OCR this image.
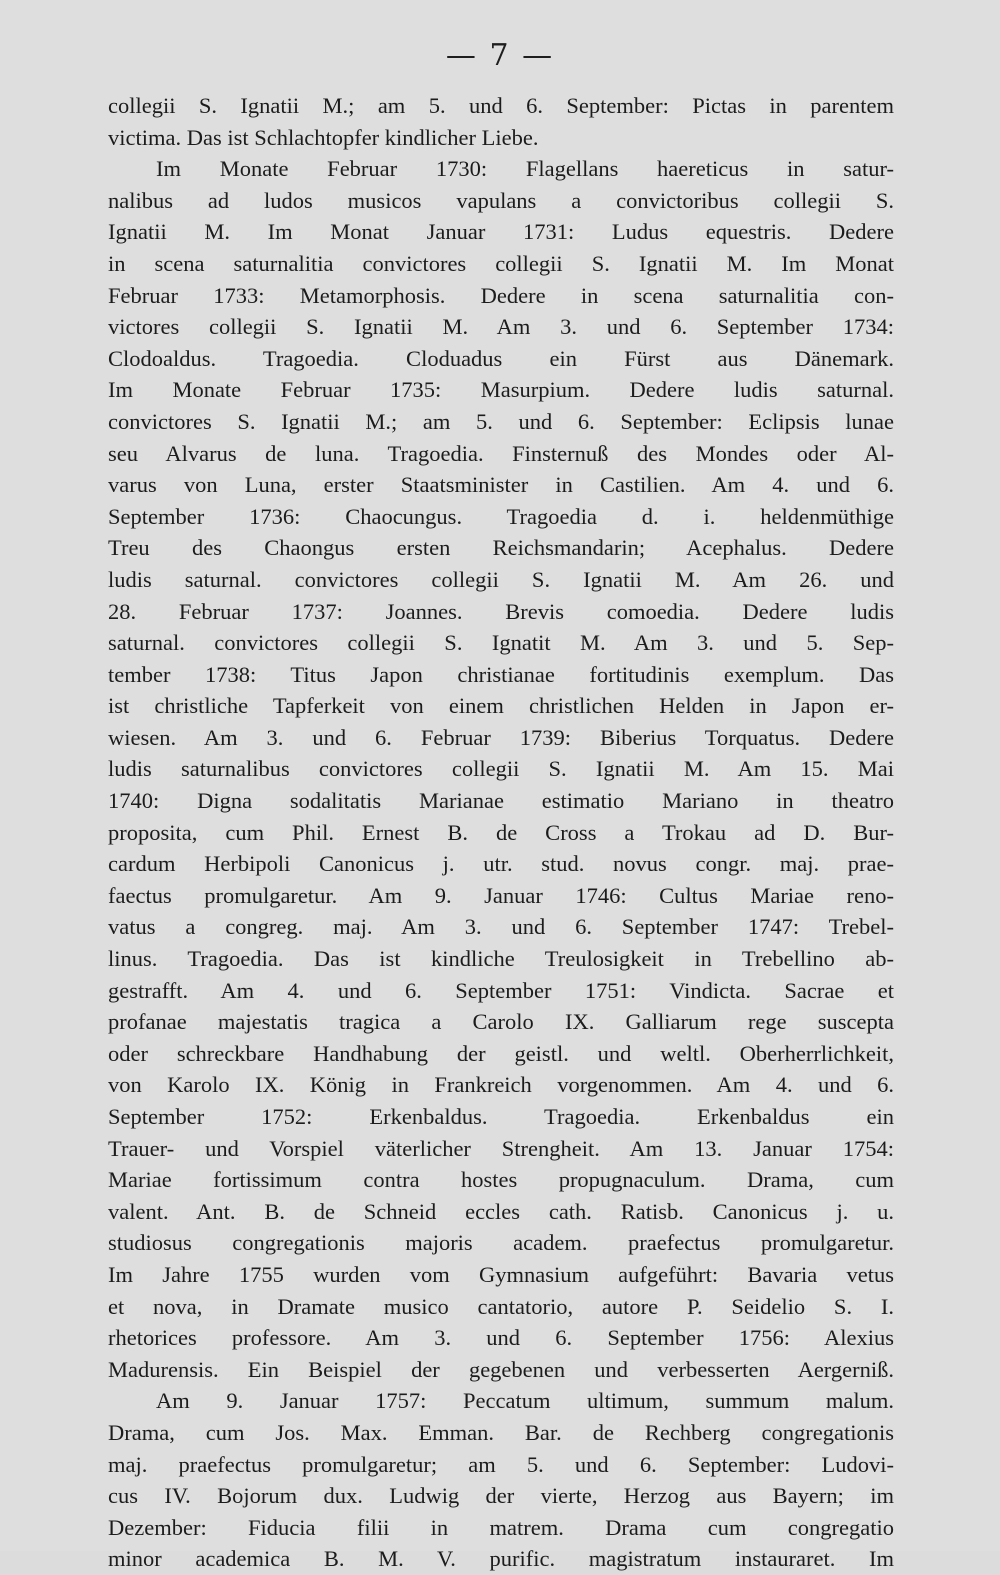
— 7 —
collegii S. Ignatii M.; am 5. und 6. September: Pictas in parentem
victima. Das ist Schlachtopfer kindlicher Liebe.
Im Monate Februar 1730: Flagellans haereticus in satur-
nalibus ad ludos musicos vapulans a convictoribus collegii S.
Ignatii M. Im Monat Januar 1731: Ludus equestris. Dedere
in scena saturnalitia convictores collegii S. Ignatii M. Im Monat
Februar 1733: Metamorphosis. Dedere in scena saturnalitia con-
victores collegii S. Ignatii M. Am 3. und 6. September 1734:
Clodoaldus. Tragoedia. Cloduadus ein Fürst aus Dänemark.
Im Monate Februar 1735: Masurpium. Dedere ludis saturnal.
convictores S. Ignatii M.; am 5. und 6. September: Eclipsis lunae
seu Alvarus de luna. Tragoedia. Finsternuß des Mondes oder Al-
varus von Luna, erster Staatsminister in Castilien. Am 4. und 6.
September 1736: Chaocungus. Tragoedia d. i. heldenmüthige
Treu des Chaongus ersten Reichsmandarin; Acephalus. Dedere
ludis saturnal. convictores collegii S. Ignatii M. Am 26. und
28. Februar 1737: Joannes. Brevis comoedia. Dedere ludis
saturnal. convictores collegii S. Ignatit M. Am 3. und 5. Sep-
tember 1738: Titus Japon christianae fortitudinis exemplum. Das
ist christliche Tapferkeit von einem christlichen Helden in Japon er-
wiesen. Am 3. und 6. Februar 1739: Biberius Torquatus. Dedere
ludis saturnalibus convictores collegii S. Ignatii M. Am 15. Mai
1740: Digna sodalitatis Marianae estimatio Mariano in theatro
proposita, cum Phil. Ernest B. de Cross a Trokau ad D. Bur-
cardum Herbipoli Canonicus j. utr. stud. novus congr. maj. prae-
faectus promulgaretur. Am 9. Januar 1746: Cultus Mariae reno-
vatus a congreg. maj. Am 3. und 6. September 1747: Trebel-
linus. Tragoedia. Das ist kindliche Treulosigkeit in Trebellino ab-
gestrafft. Am 4. und 6. September 1751: Vindicta. Sacrae et
profanae majestatis tragica a Carolo IX. Galliarum rege suscepta
oder schreckbare Handhabung der geistl. und weltl. Oberherrlichkeit,
von Karolo IX. König in Frankreich vorgenommen. Am 4. und 6.
September 1752: Erkenbaldus. Tragoedia. Erkenbaldus ein
Trauer- und Vorspiel väterlicher Strengheit. Am 13. Januar 1754:
Mariae fortissimum contra hostes propugnaculum. Drama, cum
valent. Ant. B. de Schneid eccles cath. Ratisb. Canonicus j. u.
studiosus congregationis majoris academ. praefectus promulgaretur.
Im Jahre 1755 wurden vom Gymnasium aufgeführt: Bavaria vetus
et nova, in Dramate musico cantatorio, autore P. Seidelio S. I.
rhetorices professore. Am 3. und 6. September 1756: Alexius
Madurensis. Ein Beispiel der gegebenen und verbesserten Aergerniß.
Am 9. Januar 1757: Peccatum ultimum, summum malum.
Drama, cum Jos. Max. Emman. Bar. de Rechberg congregationis
maj. praefectus promulgaretur; am 5. und 6. September: Ludovi-
cus IV. Bojorum dux. Ludwig der vierte, Herzog aus Bayern; im
Dezember: Fiducia filii in matrem. Drama cum congregatio
minor academica B. M. V. purific. magistratum instauraret. Im
